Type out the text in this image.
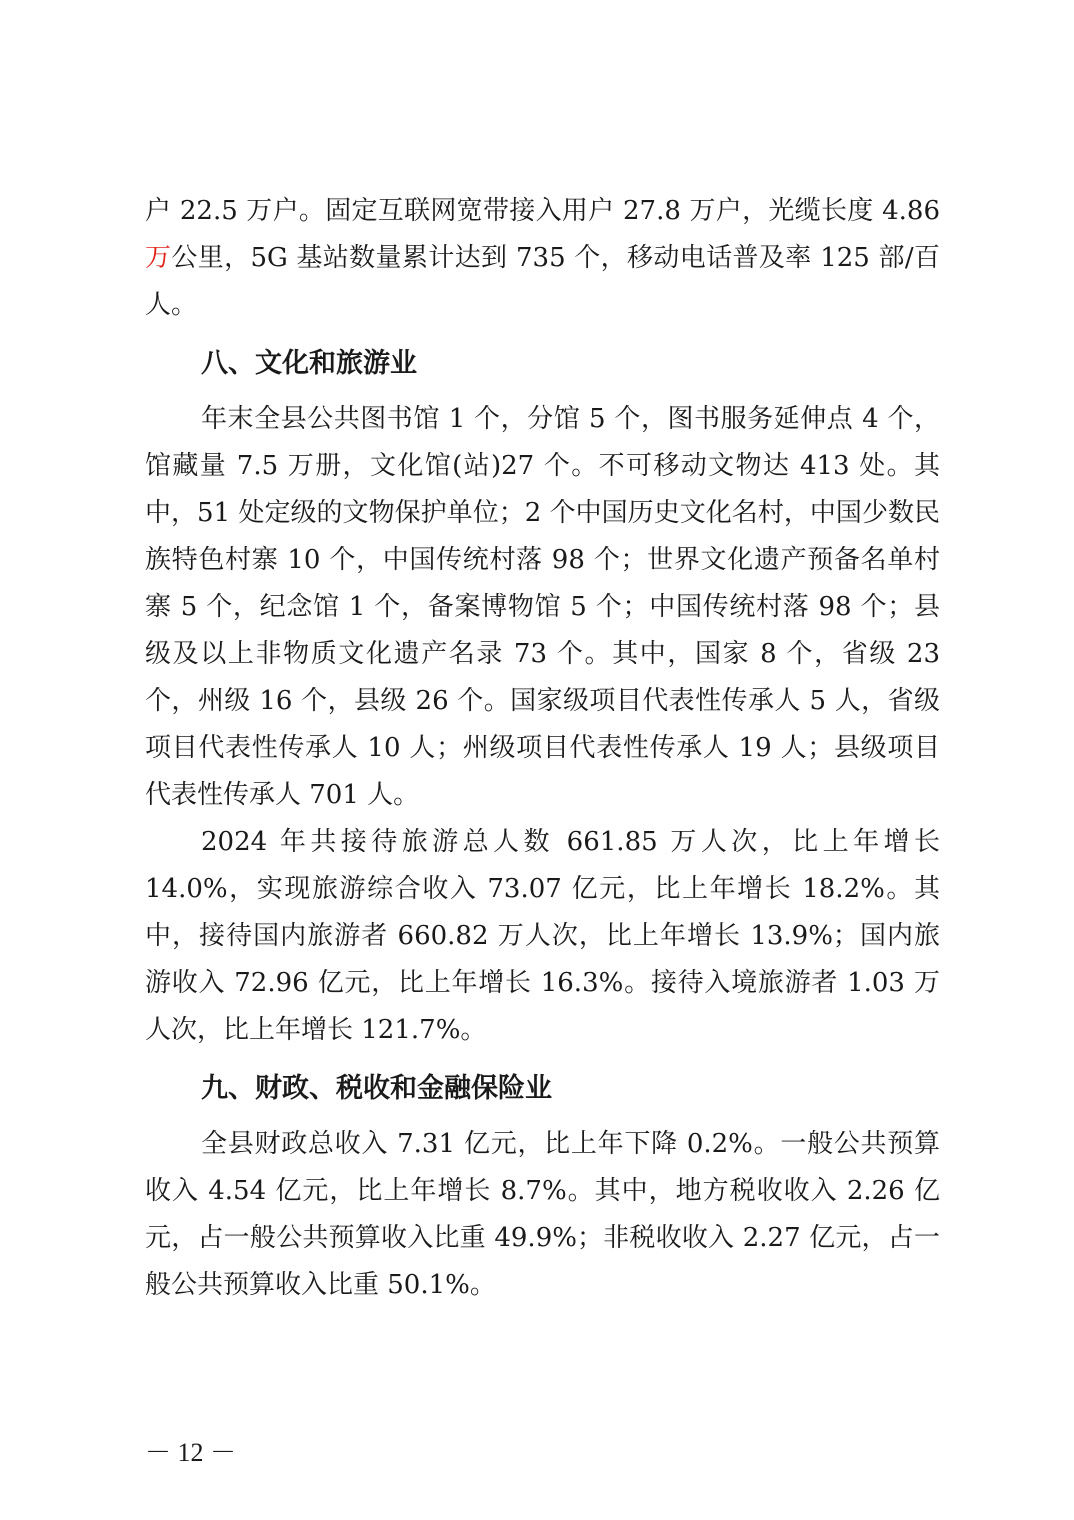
户 22.5 万户。固定互联网宽带接入用户 27.8 万户，光缆长度 4.86 万公里，5G 基站数量累计达到 735 个，移动电话普及率 125 部/百人。

八、文化和旅游业

年末全县公共图书馆 1 个，分馆 5 个，图书服务延伸点 4 个，馆藏量 7.5 万册，文化馆(站)27 个。不可移动文物达 413 处。其中，51 处定级的文物保护单位；2 个中国历史文化名村，中国少数民族特色村寨 10 个，中国传统村落 98 个；世界文化遗产预备名单村寨 5 个，纪念馆 1 个，备案博物馆 5 个；中国传统村落 98 个；县级及以上非物质文化遗产名录 73 个。其中，国家 8 个，省级 23 个，州级 16 个，县级 26 个。国家级项目代表性传承人 5 人，省级项目代表性传承人 10 人；州级项目代表性传承人 19 人；县级项目代表性传承人 701 人。

2024 年共接待旅游总人数 661.85 万人次，比上年增长 14.0%，实现旅游综合收入 73.07 亿元，比上年增长 18.2%。其中，接待国内旅游者 660.82 万人次，比上年增长 13.9%；国内旅游收入 72.96 亿元，比上年增长 16.3%。接待入境旅游者 1.03 万人次，比上年增长 121.7%。

九、财政、税收和金融保险业

全县财政总收入 7.31 亿元，比上年下降 0.2%。一般公共预算收入 4.54 亿元，比上年增长 8.7%。其中，地方税收收入 2.26 亿元，占一般公共预算收入比重 49.9%；非税收收入 2.27 亿元，占一般公共预算收入比重 50.1%。

－ 12 －
